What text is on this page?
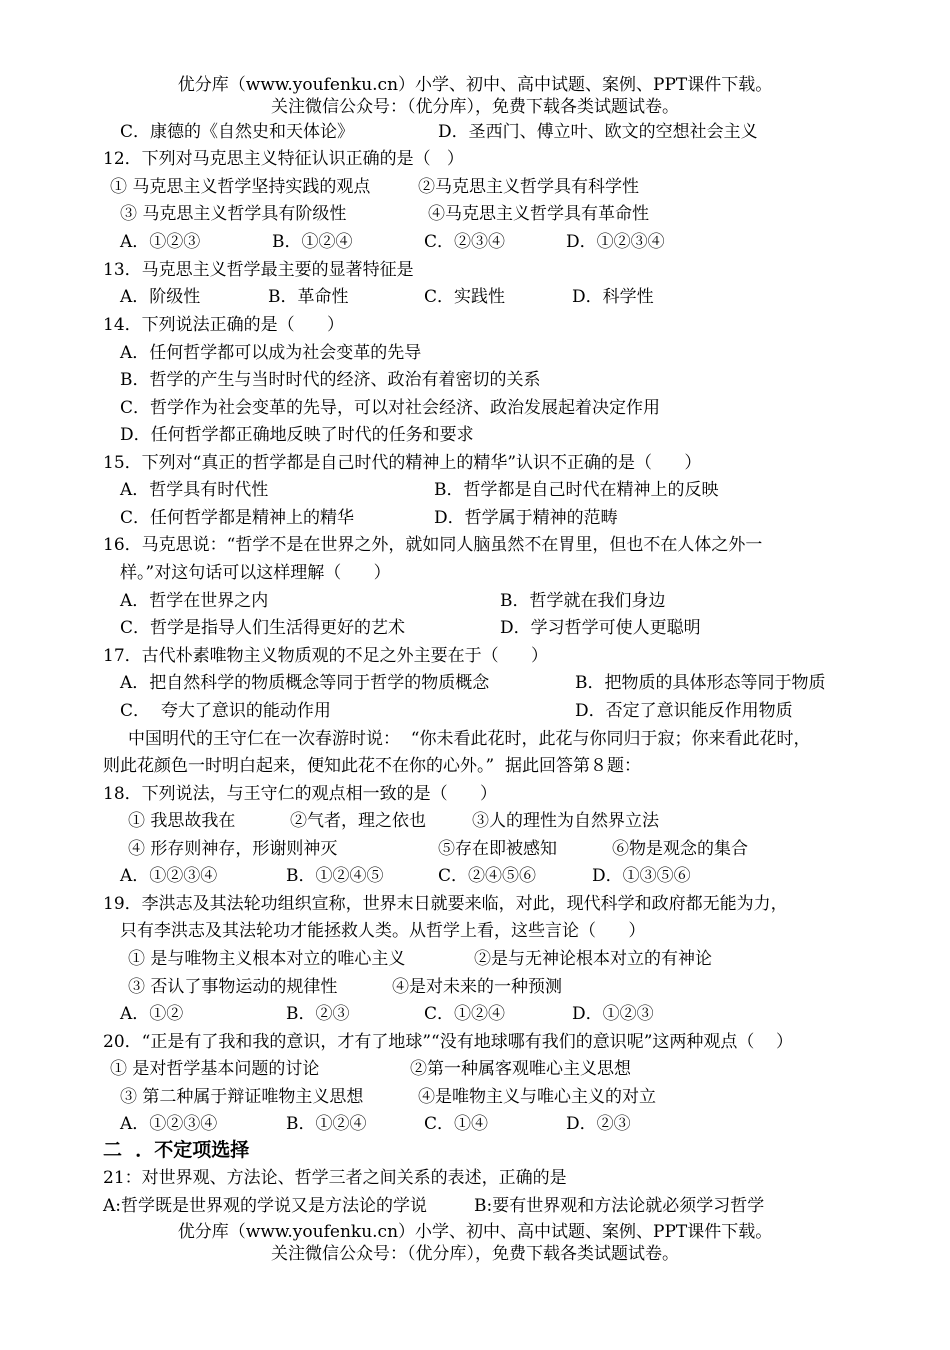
优分库（www.youfenku.cn）小学、初中、高中试题、案例、PPT课件下载。
关注微信公众号：（优分库），免费下载各类试题试卷。
C．康德的《自然史和天体论》	D．圣西门、傅立叶、欧文的空想社会主义
12．下列对马克思主义特征认识正确的是（   ）
① 马克思主义哲学坚持实践的观点	②马克思主义哲学具有科学性
③ 马克思主义哲学具有阶级性	④马克思主义哲学具有革命性
A．①②③	B．①②④	C．②③④	D．①②③④
13．马克思主义哲学最主要的显著特征是
A．阶级性	B．革命性	C．实践性	D．科学性
14．下列说法正确的是（      ）
A．任何哲学都可以成为社会变革的先导
B．哲学的产生与当时时代的经济、政治有着密切的关系
C．哲学作为社会变革的先导，可以对社会经济、政治发展起着决定作用
D．任何哲学都正确地反映了时代的任务和要求
15．下列对“真正的哲学都是自己时代的精神上的精华”认识不正确的是（      ）
A．哲学具有时代性	B．哲学都是自己时代在精神上的反映
C．任何哲学都是精神上的精华	D．哲学属于精神的范畴
16．马克思说：“哲学不是在世界之外，就如同人脑虽然不在胃里，但也不在人体之外一
样。”对这句话可以这样理解（      ）
A．哲学在世界之内	B．哲学就在我们身边
C．哲学是指导人们生活得更好的艺术	D．学习哲学可使人更聪明
17．古代朴素唯物主义物质观的不足之外主要在于（      ）
A．把自然科学的物质概念等同于哲学的物质概念	B．把物质的具体形态等同于物质
C．  夸大了意识的能动作用	D．否定了意识能反作用物质
中国明代的王守仁在一次春游时说：  “你未看此花时，此花与你同归于寂；你来看此花时，
则此花颜色一时明白起来，便知此花不在你的心外。”  据此回答第８题：
18．下列说法，与王守仁的观点相一致的是（      ）
① 我思故我在	②气者，理之依也	③人的理性为自然界立法
④ 形存则神存，形谢则神灭	⑤存在即被感知	⑥物是观念的集合
A．①②③④	B．①②④⑤	C．②④⑤⑥	D．①③⑤⑥
19．李洪志及其法轮功组织宣称，世界末日就要来临，对此，现代科学和政府都无能为力，
只有李洪志及其法轮功才能拯救人类。从哲学上看，这些言论（      ）
① 是与唯物主义根本对立的唯心主义	②是与无神论根本对立的有神论
③ 否认了事物运动的规律性	④是对未来的一种预测
A．①②	B．②③	C．①②④	D．①②③
20．“正是有了我和我的意识，才有了地球”“没有地球哪有我们的意识呢”这两种观点（    ）
① 是对哲学基本问题的讨论	②第一种属客观唯心主义思想
③ 第二种属于辩证唯物主义思想	④是唯物主义与唯心主义的对立
A．①②③④	B．①②④	C．①④	D．②③
二  ．不定项选择
21：对世界观、方法论、哲学三者之间关系的表述，正确的是
A:哲学既是世界观的学说又是方法论的学说	B:要有世界观和方法论就必须学习哲学
优分库（www.youfenku.cn）小学、初中、高中试题、案例、PPT课件下载。
关注微信公众号：（优分库），免费下载各类试题试卷。
